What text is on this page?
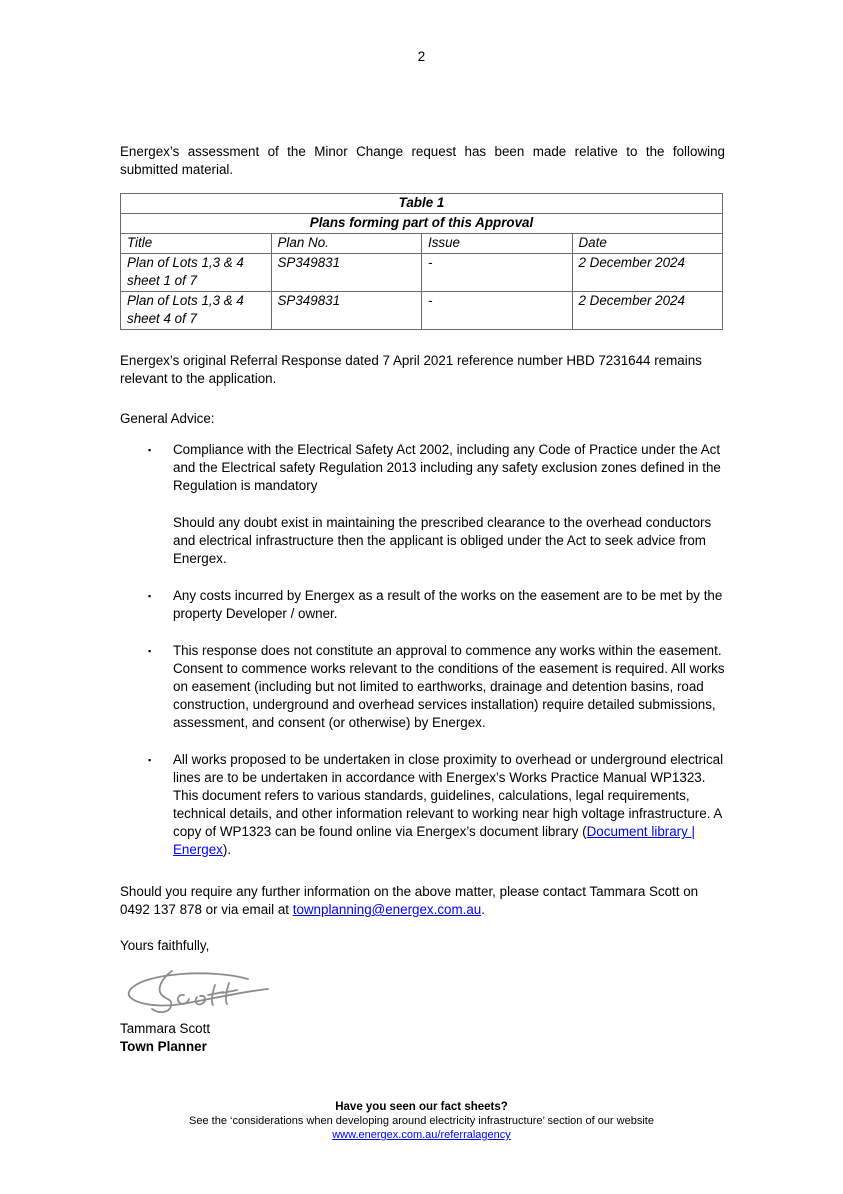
2

Energex’s assessment of the Minor Change request has been made relative to the following submitted material.

Table 1			
Plans forming part of this Approval			
Title	Plan No.	Issue	Date
Plan of Lots 1,3 & 4 sheet 1 of 7	SP349831	-	2 December 2024
Plan of Lots 1,3 & 4 sheet 4 of 7	SP349831	-	2 December 2024

Energex’s original Referral Response dated 7 April 2021 reference number HBD 7231644 remains relevant to the application.

General Advice:

▪	Compliance with the Electrical Safety Act 2002, including any Code of Practice under the Act and the Electrical safety Regulation 2013 including any safety exclusion zones defined in the Regulation is mandatory

Should any doubt exist in maintaining the prescribed clearance to the overhead conductors and electrical infrastructure then the applicant is obliged under the Act to seek advice from Energex.

▪	Any costs incurred by Energex as a result of the works on the easement are to be met by the property Developer / owner.
▪	This response does not constitute an approval to commence any works within the easement. Consent to commence works relevant to the conditions of the easement is required. All works on easement (including but not limited to earthworks, drainage and detention basins, road construction, underground and overhead services installation) require detailed submissions, assessment, and consent (or otherwise) by Energex.
▪	All works proposed to be undertaken in close proximity to overhead or underground electrical lines are to be undertaken in accordance with Energex’s Works Practice Manual WP1323. This document refers to various standards, guidelines, calculations, legal requirements, technical details, and other information relevant to working near high voltage infrastructure. A copy of WP1323 can be found online via Energex’s document library (Document library | Energex).

Should you require any further information on the above matter, please contact Tammara Scott on 0492 137 878 or via email at townplanning@energex.com.au.

Yours faithfully,

Tammara Scott

Town Planner

Have you seen our fact sheets?
See the ‘considerations when developing around electricity infrastructure’ section of our website
www.energex.com.au/referralagency
